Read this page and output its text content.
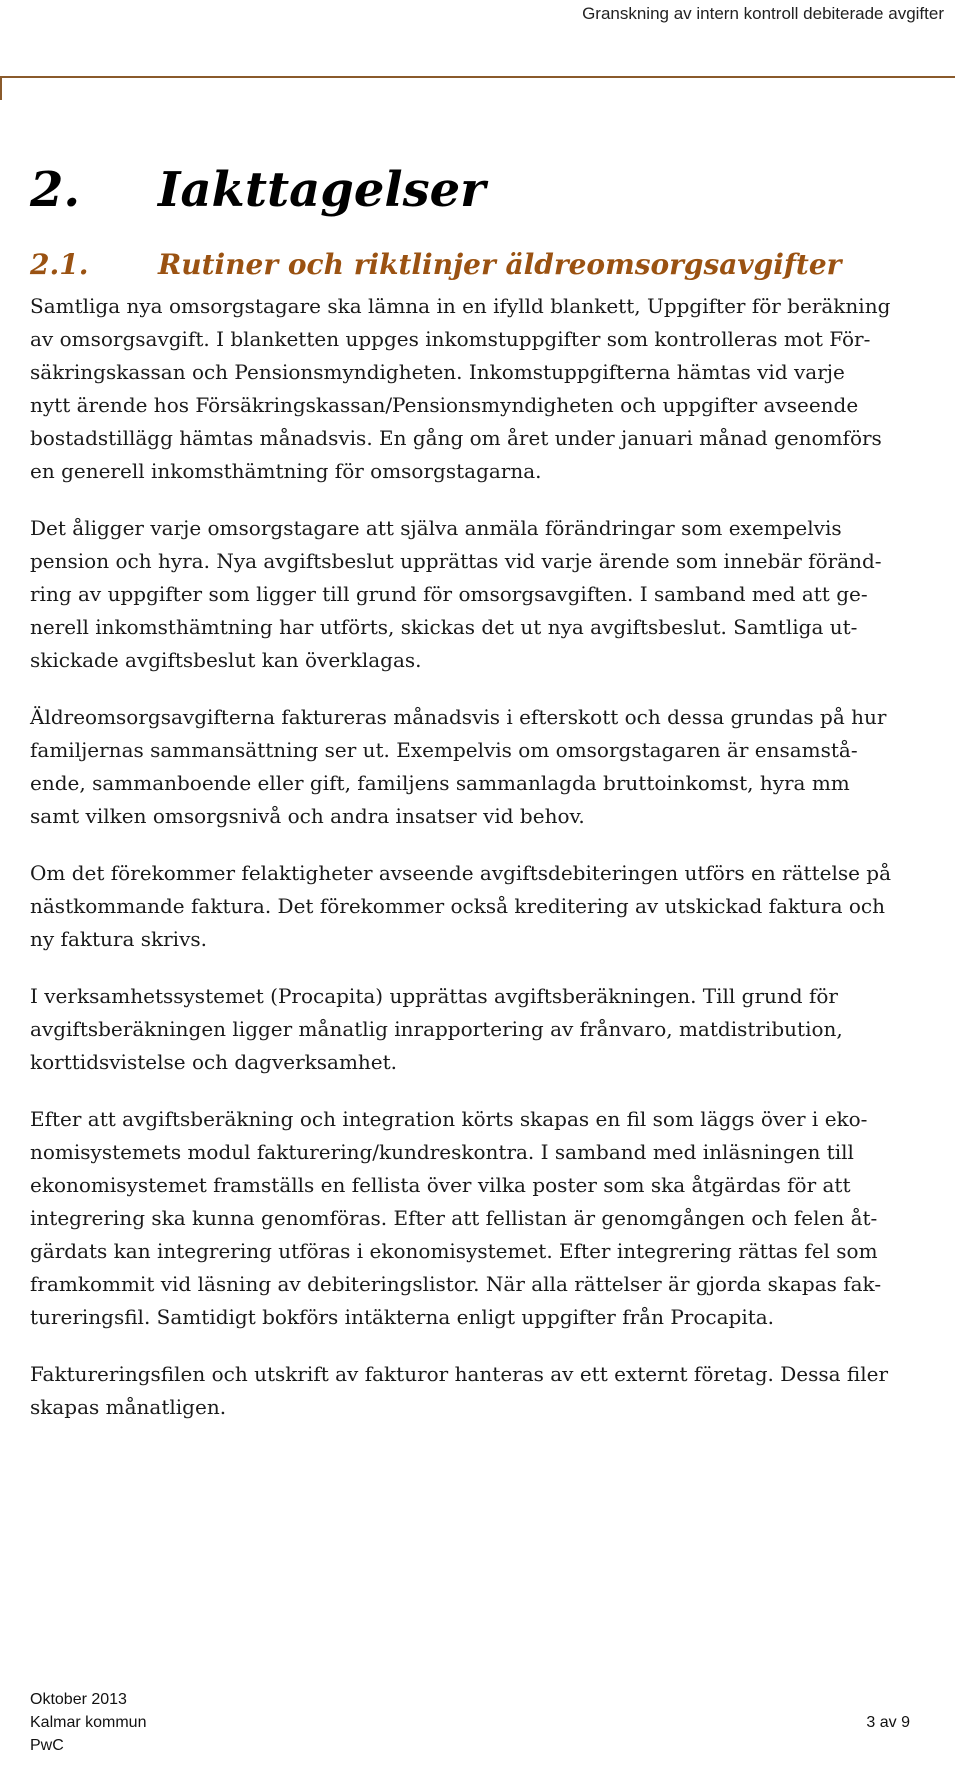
Granskning av intern kontroll debiterade avgifter
2. Iakttagelser
2.1. Rutiner och riktlinjer äldreomsorgsavgifter

Samtliga nya omsorgstagare ska lämna in en ifylld blankett, Uppgifter för beräkning
av omsorgsavgift. I blanketten uppges inkomstuppgifter som kontrolleras mot För-
säkringskassan och Pensionsmyndigheten. Inkomstuppgifterna hämtas vid varje
nytt ärende hos Försäkringskassan/Pensionsmyndigheten och uppgifter avseende
bostadstillägg hämtas månadsvis. En gång om året under januari månad genomförs
en generell inkomsthämtning för omsorgstagarna.

Det åligger varje omsorgstagare att själva anmäla förändringar som exempelvis
pension och hyra. Nya avgiftsbeslut upprättas vid varje ärende som innebär föränd-
ring av uppgifter som ligger till grund för omsorgsavgiften. I samband med att ge-
nerell inkomsthämtning har utförts, skickas det ut nya avgiftsbeslut. Samtliga ut-
skickade avgiftsbeslut kan överklagas.

Äldreomsorgsavgifterna faktureras månadsvis i efterskott och dessa grundas på hur
familjernas sammansättning ser ut. Exempelvis om omsorgstagaren är ensamstå-
ende, sammanboende eller gift, familjens sammanlagda bruttoinkomst, hyra mm
samt vilken omsorgsnivå och andra insatser vid behov.

Om det förekommer felaktigheter avseende avgiftsdebiteringen utförs en rättelse på
nästkommande faktura. Det förekommer också kreditering av utskickad faktura och
ny faktura skrivs.

I verksamhetssystemet (Procapita) upprättas avgiftsberäkningen. Till grund för
avgiftsberäkningen ligger månatlig inrapportering av frånvaro, matdistribution,
korttidsvistelse och dagverksamhet.

Efter att avgiftsberäkning och integration körts skapas en fil som läggs över i eko-
nomisystemets modul fakturering/kundreskontra. I samband med inläsningen till
ekonomisystemet framställs en fellista över vilka poster som ska åtgärdas för att
integrering ska kunna genomföras. Efter att fellistan är genomgången och felen åt-
gärdats kan integrering utföras i ekonomisystemet. Efter integrering rättas fel som
framkommit vid läsning av debiteringslistor. När alla rättelser är gjorda skapas fak-
tureringsfil. Samtidigt bokförs intäkterna enligt uppgifter från Procapita.

Faktureringsfilen och utskrift av fakturor hanteras av ett externt företag. Dessa filer
skapas månatligen.

Oktober 2013
Kalmar kommun	3 av 9
PwC
